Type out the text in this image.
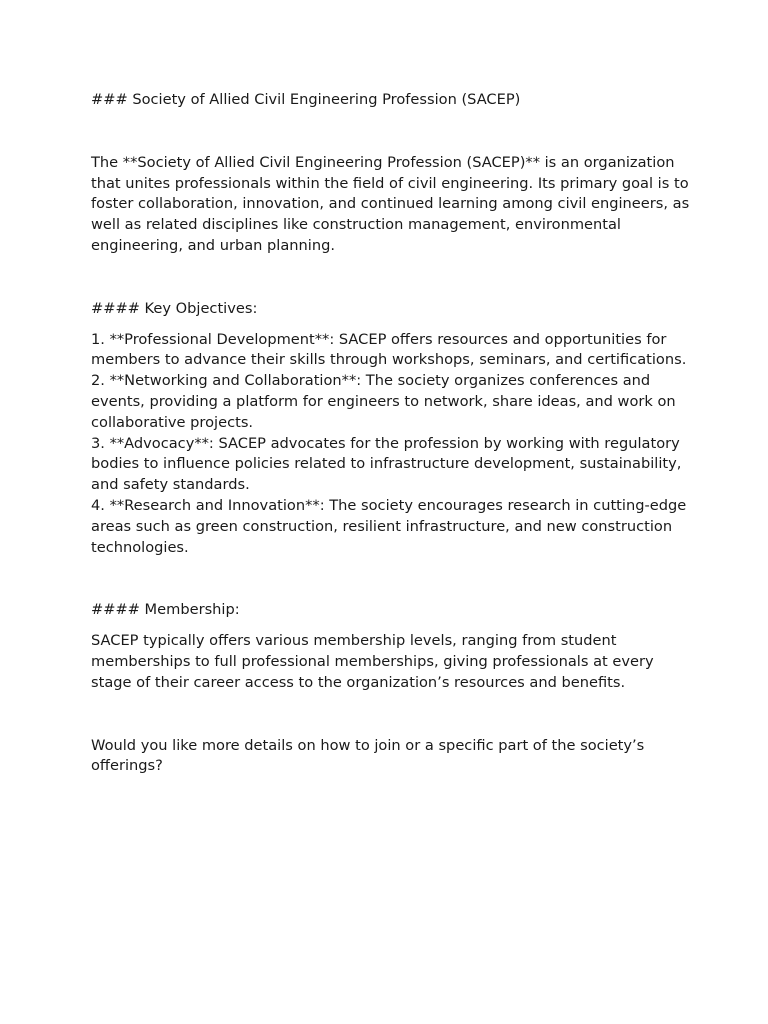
### Society of Allied Civil Engineering Profession (SACEP)

The **Society of Allied Civil Engineering Profession (SACEP)** is an organization that unites professionals within the field of civil engineering. Its primary goal is to foster collaboration, innovation, and continued learning among civil engineers, as well as related disciplines like construction management, environmental engineering, and urban planning.

#### Key Objectives:

1. **Professional Development**: SACEP offers resources and opportunities for members to advance their skills through workshops, seminars, and certifications.

2. **Networking and Collaboration**: The society organizes conferences and events, providing a platform for engineers to network, share ideas, and work on collaborative projects.

3. **Advocacy**: SACEP advocates for the profession by working with regulatory bodies to influence policies related to infrastructure development, sustainability, and safety standards.

4. **Research and Innovation**: The society encourages research in cutting-edge areas such as green construction, resilient infrastructure, and new construction technologies.

#### Membership:

SACEP typically offers various membership levels, ranging from student memberships to full professional memberships, giving professionals at every stage of their career access to the organization’s resources and benefits.

Would you like more details on how to join or a specific part of the society’s offerings?
